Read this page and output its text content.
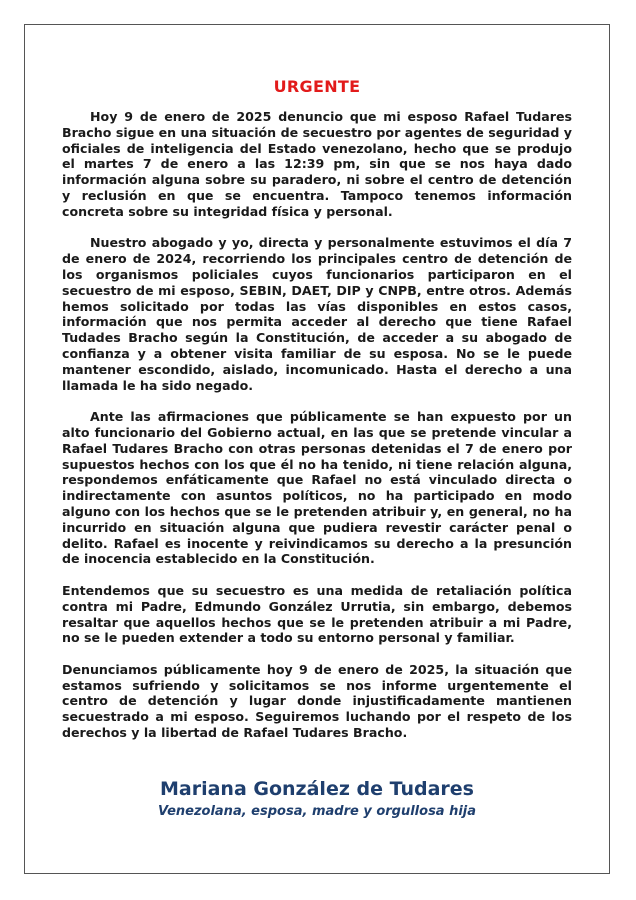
URGENTE

Hoy 9 de enero de 2025 denuncio que mi esposo Rafael Tudares Bracho sigue en una situación de secuestro por agentes de seguridad y oficiales de inteligencia del Estado venezolano, hecho que se produjo el martes 7 de enero a las 12:39 pm, sin que se nos haya dado información alguna sobre su paradero, ni sobre el centro de detención y reclusión en que se encuentra. Tampoco tenemos información concreta sobre su integridad física y personal.

Nuestro abogado y yo, directa y personalmente estuvimos el día 7 de enero de 2024, recorriendo los principales centro de detención de los organismos policiales cuyos funcionarios participaron en el secuestro de mi esposo, SEBIN, DAET, DIP y CNPB, entre otros. Además hemos solicitado por todas las vías disponibles en estos casos, información que nos permita acceder al derecho que tiene Rafael Tudades Bracho según la Constitución, de acceder a su abogado de confianza y a obtener visita familiar de su esposa. No se le puede mantener escondido, aislado, incomunicado. Hasta el derecho a una llamada le ha sido negado.

Ante las afirmaciones que públicamente se han expuesto por un alto funcionario del Gobierno actual, en las que se pretende vincular a Rafael Tudares Bracho con otras personas detenidas el 7 de enero por supuestos hechos con los que él no ha tenido, ni tiene relación alguna, respondemos enfáticamente que Rafael no está vinculado directa o indirectamente con asuntos políticos, no ha participado en modo alguno con los hechos que se le pretenden atribuir y, en general, no ha incurrido en situación alguna que pudiera revestir carácter penal o delito. Rafael es inocente y reivindicamos su derecho a la presunción de inocencia establecido en la Constitución.

Entendemos que su secuestro es una medida de retaliación política contra mi Padre, Edmundo González Urrutia, sin embargo, debemos resaltar que aquellos hechos que se le pretenden atribuir a mi Padre, no se le pueden extender a todo su entorno personal y familiar.

Denunciamos públicamente hoy 9 de enero de 2025, la situación que estamos sufriendo y solicitamos se nos informe urgentemente el centro de detención y lugar donde injustificadamente mantienen secuestrado a mi esposo. Seguiremos luchando por el respeto de los derechos y la libertad de Rafael Tudares Bracho.

Mariana González de Tudares

Venezolana, esposa, madre y orgullosa hija
